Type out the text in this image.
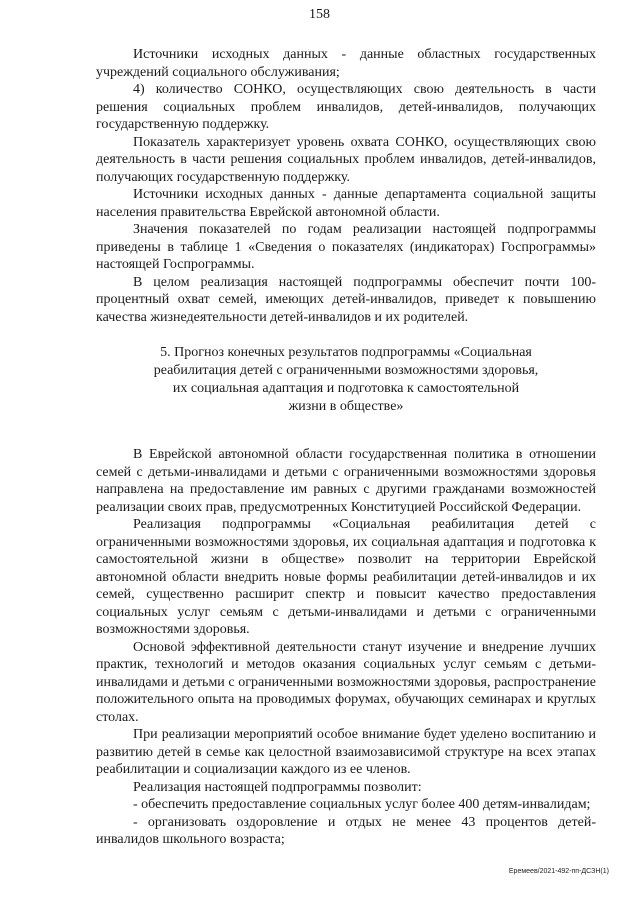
158

Источники исходных данных - данные областных государственных учреждений социального обслуживания;

4) количество СОНКО, осуществляющих свою деятельность в части решения социальных проблем инвалидов, детей-инвалидов, получающих государственную поддержку.

Показатель характеризует уровень охвата СОНКО, осуществляющих свою деятельность в части решения социальных проблем инвалидов, детей-инвалидов, получающих государственную поддержку.

Источники исходных данных - данные департамента социальной защиты населения правительства Еврейской автономной области.

Значения показателей по годам реализации настоящей подпрограммы приведены в таблице 1 «Сведения о показателях (индикаторах) Госпрограммы» настоящей Госпрограммы.

В целом реализация настоящей подпрограммы обеспечит почти 100-процентный охват семей, имеющих детей-инвалидов, приведет к повышению качества жизнедеятельности детей-инвалидов и их родителей.

5. Прогноз конечных результатов подпрограммы «Социальная
реабилитация детей с ограниченными возможностями здоровья,
их социальная адаптация и подготовка к самостоятельной
жизни в обществе»

В Еврейской автономной области государственная политика в отношении семей с детьми-инвалидами и детьми с ограниченными возможностями здоровья направлена на предоставление им равных с другими гражданами возможностей реализации своих прав, предусмотренных Конституцией Российской Федерации.

Реализация подпрограммы «Социальная реабилитация детей с ограниченными возможностями здоровья, их социальная адаптация и подготовка к самостоятельной жизни в обществе» позволит на территории Еврейской автономной области внедрить новые формы реабилитации детей-инвалидов и их семей, существенно расширит спектр и повысит качество предоставления социальных услуг семьям с детьми-инвалидами и детьми с ограниченными возможностями здоровья.

Основой эффективной деятельности станут изучение и внедрение лучших практик, технологий и методов оказания социальных услуг семьям с детьми-инвалидами и детьми с ограниченными возможностями здоровья, распространение положительного опыта на проводимых форумах, обучающих семинарах и круглых столах.

При реализации мероприятий особое внимание будет уделено воспитанию и развитию детей в семье как целостной взаимозависимой структуре на всех этапах реабилитации и социализации каждого из ее членов.

Реализация настоящей подпрограммы позволит:

- обеспечить предоставление социальных услуг более 400 детям-инвалидам;

- организовать оздоровление и отдых не менее 43 процентов детей-инвалидов школьного возраста;

Еремеев/2021-492-пп-ДСЗН(1)
